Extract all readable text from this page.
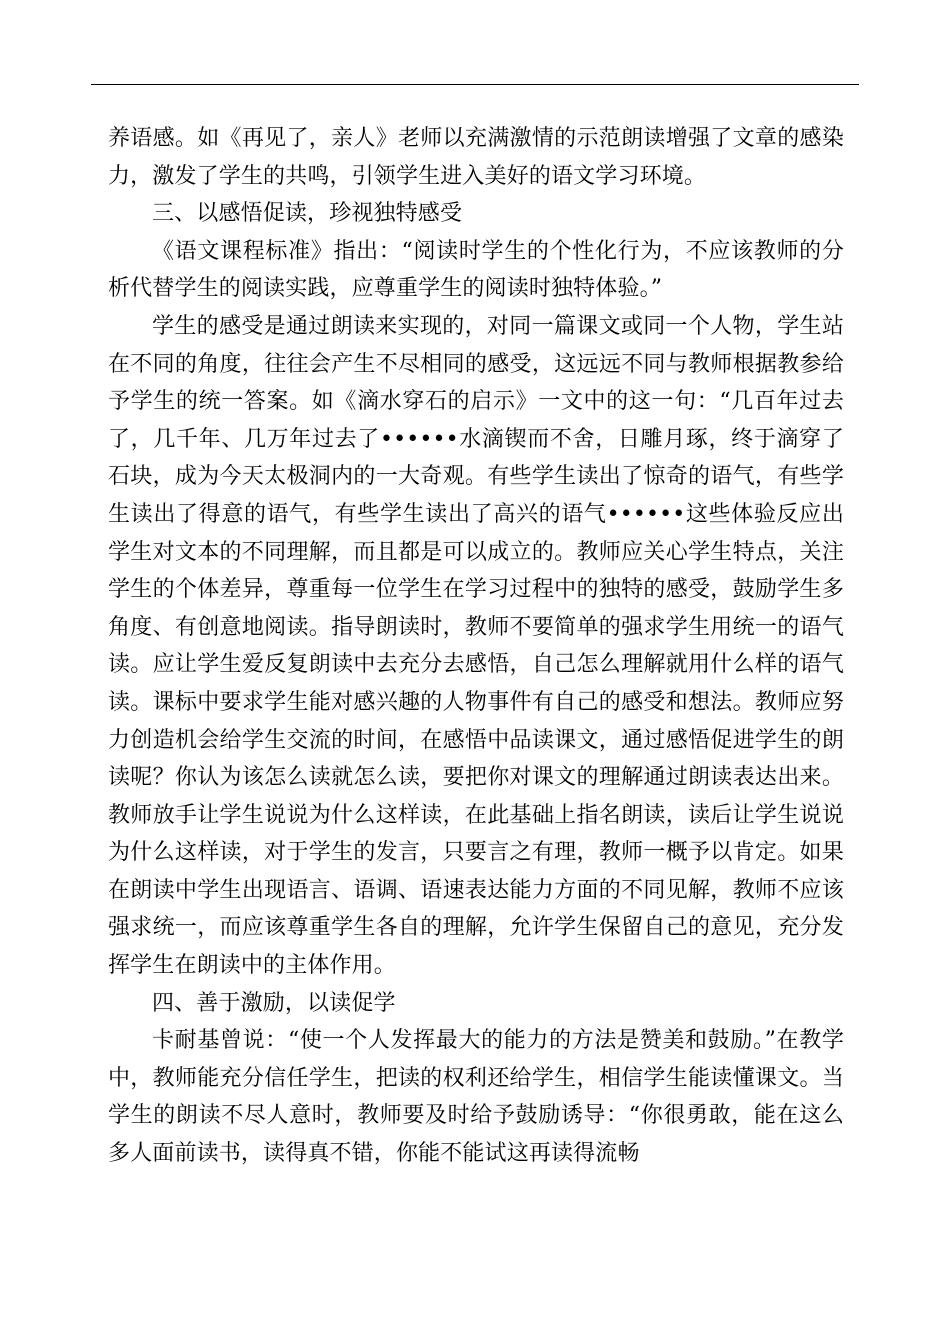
养语感。如《再见了，亲人》老师以充满激情的示范朗读增强了文章的感染力，激发了学生的共鸣，引领学生进入美好的语文学习环境。

三、以感悟促读，珍视独特感受

《语文课程标准》指出：“阅读时学生的个性化行为，不应该教师的分析代替学生的阅读实践，应尊重学生的阅读时独特体验。”

学生的感受是通过朗读来实现的，对同一篇课文或同一个人物，学生站在不同的角度，往往会产生不尽相同的感受，这远远不同与教师根据教参给予学生的统一答案。如《滴水穿石的启示》一文中的这一句：“几百年过去了，几千年、几万年过去了••••••水滴锲而不舍，日雕月琢，终于滴穿了石块，成为今天太极洞内的一大奇观。有些学生读出了惊奇的语气，有些学生读出了得意的语气，有些学生读出了高兴的语气••••••这些体验反应出学生对文本的不同理解，而且都是可以成立的。教师应关心学生特点，关注学生的个体差异，尊重每一位学生在学习过程中的独特的感受，鼓励学生多角度、有创意地阅读。指导朗读时，教师不要简单的强求学生用统一的语气读。应让学生爱反复朗读中去充分去感悟，自己怎么理解就用什么样的语气读。课标中要求学生能对感兴趣的人物事件有自己的感受和想法。教师应努力创造机会给学生交流的时间，在感悟中品读课文，通过感悟促进学生的朗读呢？你认为该怎么读就怎么读，要把你对课文的理解通过朗读表达出来。教师放手让学生说说为什么这样读，在此基础上指名朗读，读后让学生说说为什么这样读，对于学生的发言，只要言之有理，教师一概予以肯定。如果在朗读中学生出现语言、语调、语速表达能力方面的不同见解，教师不应该强求统一，而应该尊重学生各自的理解，允许学生保留自己的意见，充分发挥学生在朗读中的主体作用。

四、善于激励，以读促学

卡耐基曾说：“使一个人发挥最大的能力的方法是赞美和鼓励。”在教学中，教师能充分信任学生，把读的权利还给学生，相信学生能读懂课文。当学生的朗读不尽人意时，教师要及时给予鼓励诱导：“你很勇敢，能在这么多人面前读书，读得真不错，你能不能试这再读得流畅
